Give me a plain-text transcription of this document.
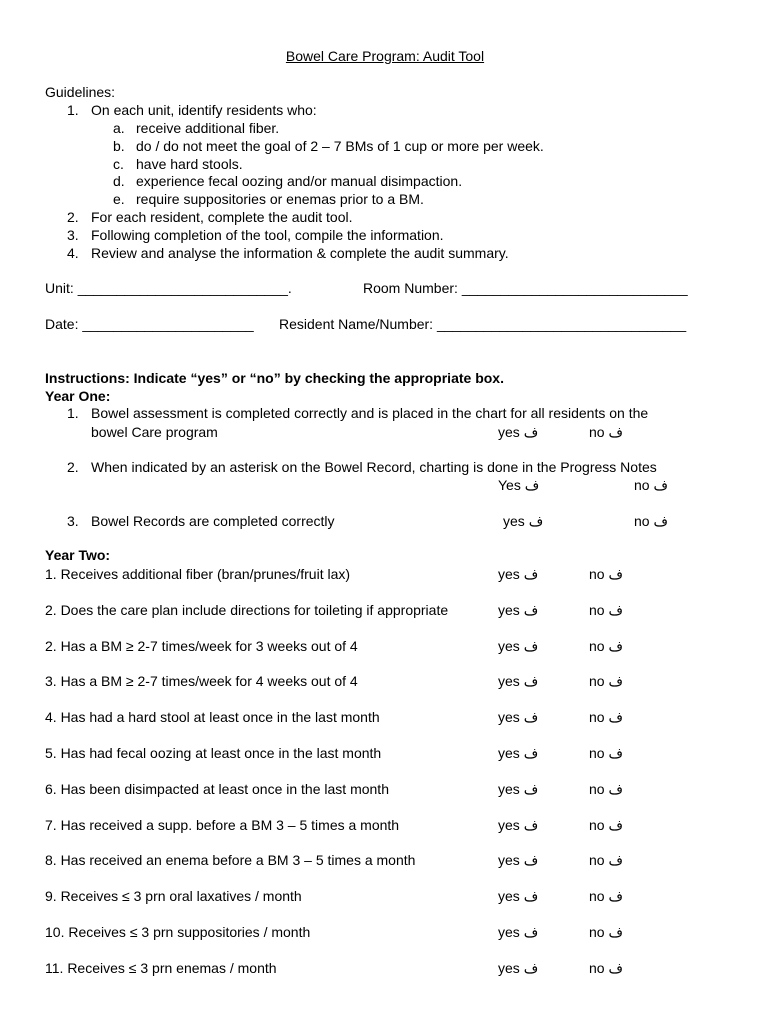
Bowel Care Program: Audit Tool
Guidelines:
1. On each unit, identify residents who:
a. receive additional fiber.
b. do / do not meet the goal of 2 – 7 BMs of 1 cup or more per week.
c. have hard stools.
d. experience fecal oozing and/or manual disimpaction.
e. require suppositories or enemas prior to a BM.
2. For each resident, complete the audit tool.
3. Following completion of the tool, compile the information.
4. Review and analyse the information & complete the audit summary.
Unit: ___________________________.	Room Number: _____________________________
Date: ______________________ Resident Name/Number: ________________________________
Instructions: Indicate “yes” or “no” by checking the appropriate box.
Year One:
1. Bowel assessment is completed correctly and is placed in the chart for all residents on the
bowel Care program	yes ف	no ف
2. When indicated by an asterisk on the Bowel Record, charting is done in the Progress Notes
Yes ف	no ف
3. Bowel Records are completed correctly	yes ف	no ف
Year Two:
1. Receives additional fiber (bran/prunes/fruit lax)	yes ف	no ف
2. Does the care plan include directions for toileting if appropriate	yes ف	no ف
2. Has a BM ≥ 2-7 times/week for 3 weeks out of 4	yes ف	no ف
3. Has a BM ≥ 2-7 times/week for 4 weeks out of 4	yes ف	no ف
4. Has had a hard stool at least once in the last month	yes ف	no ف
5. Has had fecal oozing at least once in the last month	yes ف	no ف
6. Has been disimpacted at least once in the last month	yes ف	no ف
7. Has received a supp. before a BM 3 – 5 times a month	yes ف	no ف
8. Has received an enema before a BM 3 – 5 times a month	yes ف	no ف
9. Receives ≤ 3 prn oral laxatives / month	yes ف	no ف
10. Receives ≤ 3 prn suppositories / month	yes ف	no ف
11. Receives ≤ 3 prn enemas / month	yes ف	no ف
